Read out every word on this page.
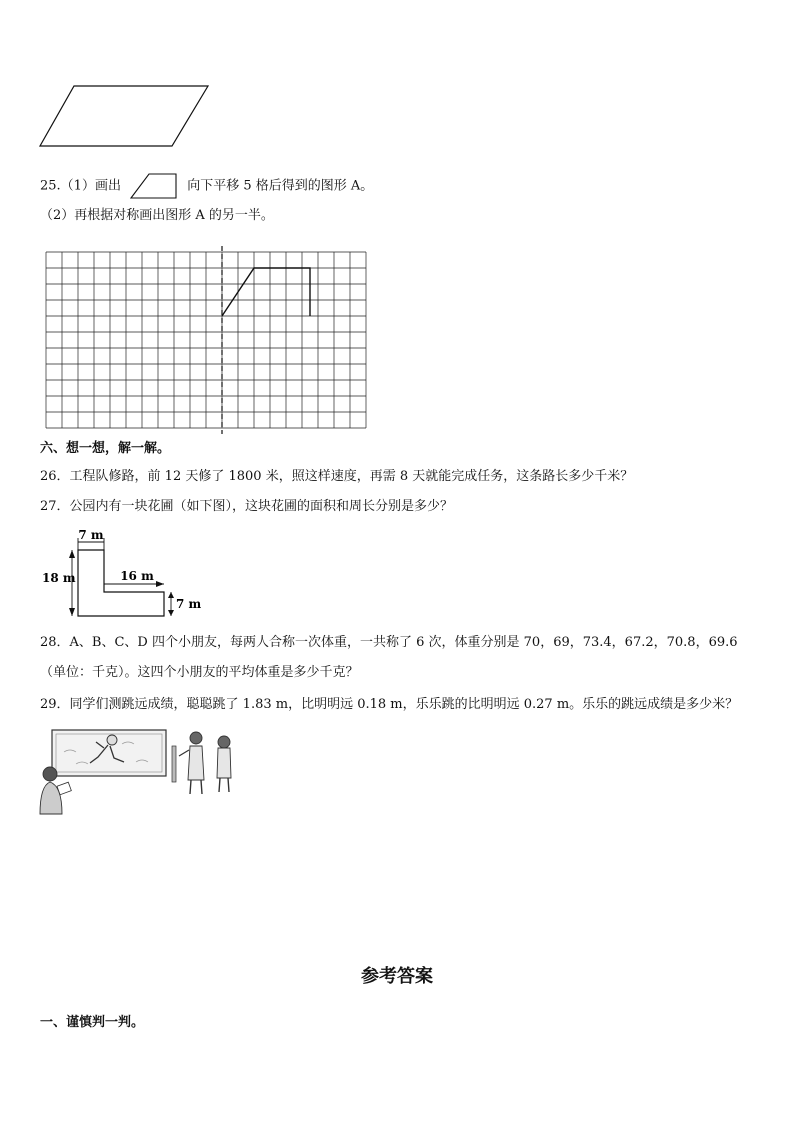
25.（1）画出	向下平移 5 格后得到的图形 A。
（2）再根据对称画出图形 A 的另一半。
六、想一想，解一解。
26．工程队修路，前 12 天修了 1800 米，照这样速度，再需 8 天就能完成任务，这条路长多少千米？
27．公园内有一块花圃（如下图），这块花圃的面积和周长分别是多少？
7 m
18 m	16 m
7 m
28．A、B、C、D 四个小朋友，每两人合称一次体重，一共称了 6 次，体重分别是 70，69，73.4，67.2，70.8，69.6
（单位：千克）。这四个小朋友的平均体重是多少千克？
29．同学们测跳远成绩，聪聪跳了 1.83 m，比明明远 0.18 m，乐乐跳的比明明远 0.27 m。乐乐的跳远成绩是多少米？
参考答案
一、谨慎判一判。
